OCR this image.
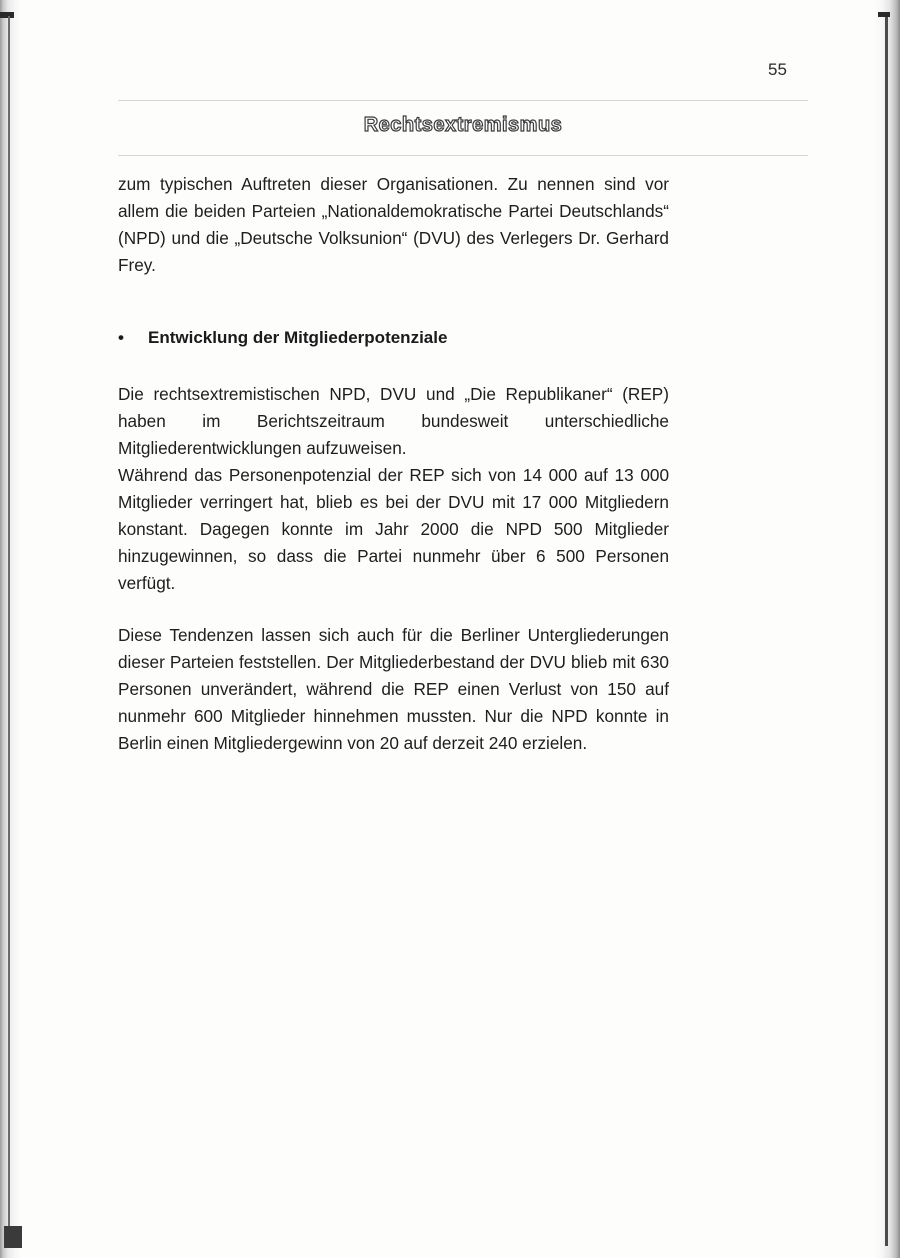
55
Rechtsextremismus
zum typischen Auftreten dieser Organisationen. Zu nennen sind vor allem die beiden Parteien „Nationaldemokratische Partei Deutschlands“ (NPD) und die „Deutsche Volksunion“ (DVU) des Verlegers Dr. Gerhard Frey.
• Entwicklung der Mitgliederpotenziale
Die rechtsextremistischen NPD, DVU und „Die Republikaner“ (REP) haben im Berichtszeitraum bundesweit unterschiedliche Mitgliederentwicklungen aufzuweisen.
Während das Personenpotenzial der REP sich von 14 000 auf 13 000 Mitglieder verringert hat, blieb es bei der DVU mit 17 000 Mitgliedern konstant. Dagegen konnte im Jahr 2000 die NPD 500 Mitglieder hinzugewinnen, so dass die Partei nunmehr über 6 500 Personen verfügt.
Diese Tendenzen lassen sich auch für die Berliner Untergliederungen dieser Parteien feststellen. Der Mitgliederbestand der DVU blieb mit 630 Personen unverändert, während die REP einen Verlust von 150 auf nunmehr 600 Mitglieder hinnehmen mussten. Nur die NPD konnte in Berlin einen Mitgliedergewinn von 20 auf derzeit 240 erzielen.
